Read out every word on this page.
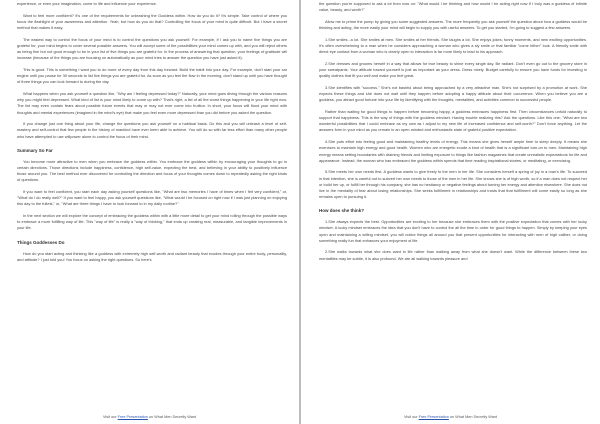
experience, or even your imagination, come to life and influence your experience.

Want to feel more confident? It's one of the requirements for unleashing the Goddess within. How do you do it? It's simple. Take control of where you focus the flashlight of your awareness and attention. Yeah, but how do you do that? Controlling the focus of your mind is quite difficult. But I have a secret method that makes it easy.

The easiest way to control the focus of your mind is to control the questions you ask yourself. For example, if I ask you to name five things you are grateful for, your mind begins to cover several possible answers. You will accept some of the possibilities your mind comes up with, and you will reject others as being fine but not good enough to be in your list of five things you are grateful for. In the process of answering that question, your feelings of gratitude will increase (because of the things you are focusing on automatically as your mind tries to answer the question you have just asked it).

This is good. This is something I want you to do more of every day from this day forward. Build the habit into your day. For example, don't start your car engine until you pause for 30 seconds to list five things you are grateful for. As soon as you feel the flow in the morning, don't stand up until you have thought of three things you can look forward to during the day.

What happens when you ask yourself a question like, "Why am I feeling depressed today?" Naturally, your mind goes diving through the various reasons why you might feel depressed. What kind of list is your mind likely to come up with? That's right, a list of all the worst things happening in your life right now. The list may even contain fears about possible future events that may or may not ever come into fruition. In short, your focus will flood your mind with thoughts and mental experiences (imagined in the mind's eye) that make you feel even more depressed than you did before you asked the question.

If you change just one thing about your life, change the questions you ask yourself on a habitual basis. Do this and you will unleash a level of self-mastery and self-control that few people in the history of mankind have ever been able to achieve. You will do so with far less effort than many other people who have attempted to use willpower alone to control the focus of their mind.

Summary So Far

You become more attractive to men when you embrace the goddess within. You embrace the goddess within by encouraging your thoughts to go in certain directions. Those directions include happiness, confidence, high self-value, expecting the best, and believing in your ability to positively influence those around you. The best method ever discovered for controlling the direction and focus of your thoughts comes down to repeatedly asking the right kinds of questions.

If you want to feel confident, you start each day asking yourself questions like, "What are two memories I have of times when I felt very confident," or, "What do I do really well?" If you want to feel happy, you ask yourself questions like, "What would I be focused on right now if I was just planning on enjoying this day to the fullest," or, "What are three things I have to look forward to in my daily routine?"

In the next section we will explore the concept of embracing the goddess within with a little more detail to get your mind rolling through the possible ways to embrace a more fulfilling way of life. This "way of life" is really a "way of thinking," that ends up creating real, measurable, and tangible improvements in your life.

Things Goddesses Do

How do you start acting and thinking like a goddess with extremely high self-worth and radiant beauty that exudes through your entire body, personality, and attitude? I just told you! You focus on asking the right questions. So here's

Visit our Free Presentation on What Men Secretly Want

the question you're supposed to ask a lot from now on: "What would I be thinking and how would I be acting right now if I truly was a goddess of infinite value, beauty, and worth?"

Allow me to prime the pump by giving you some suggested answers. The more frequently you ask yourself the question about how a goddess would be thinking and acting, the more easily your mind will begin to supply you with useful answers. To get you started, I'm going to suggest a few answers.

1.She smiles...a lot. She smiles at men. She smiles at her friends. She laughs a lot. She enjoys jokes, funny moments, and new exciting opportunities. It's often overwhelming to a man when he considers approaching a woman who gives a sly smile or that familiar "come hither" look. A friendly smile with direct eye contact from a woman who is clearly open to interaction is far more likely to lead to his approach.

2.She dresses and grooms herself in a way that allows for true beauty to shine every single day. Be radiant. Don't even go out to the grocery store in your sweatpants. Your attitude toward yourself is just as important as your dress. Dress nicely. Budget carefully to ensure you have funds for investing in quality clothes that fit you well and make you feel great.

3.She identifies with "success." She's not bashful about being approached by a very attractive man. She's not surprised by a promotion at work. She expects these things and she does not wait until they happen before adopting a happy attitude about their occurrence. When you believe you are a goddess, you attract good fortune into your life by identifying with the thoughts, mentalities, and activities common to successful people.

Rather than waiting for good things to happen before becoming happy, a goddess embraces happiness first. Then circumstances unfold naturally to support that happiness. This is the way of things with the goddess mindset. Having trouble realizing this? Ask the questions. Like this one: "What are two wonderful possibilities that I could embrace as my own as I adjust to my new life of increased confidence and self-worth?" Don't force anything. Let the answers form in your mind as you remain in an open-minded and enthusiastic state of grateful positive expectation.

4.She puts effort into feeling good and maintaining healthy levels of energy. This means she gives herself ample time to sleep deeply. It means she exercises to maintain high energy and good health. Women who are energetic exude a kind of health that is a significant turn-on to men. Maintaining high energy means setting boundaries with draining friends and limiting exposure to things like fashion magazines that create unrealistic expectations for life and appearance. Instead, the woman who has embraced the goddess within spends that time reading inspirational stories, or meditating, or exercising.

5.She meets her own needs first. A goddess wants to give freely to the men in her life. She considers herself a spring of joy in a man's life. To succeed in that intention, she is careful not to subvert her own needs to those of the men in her life. She knows she is of high worth, so if a man does not respect her or build her up, or fulfill her through his company, she has no hesitancy or negative feelings about turning her energy and attention elsewhere. She does not live in the mentality of fear about losing relationships. She seeks fulfillment in relationships and trusts that that fulfillment will come easily so long as she remains open to pursuing it.

How does she think?

1.She always expects the best. Opportunities are exciting to her because she embraces them with the positive expectation that comes with her lucky mindset. A lucky mindset embraces the idea that you don't have to control the all the time in order for good things to happen. Simply by keeping your eyes open and maintaining a willing mindset, you will notice things all around you that present opportunities for interacting with men of high caliber, or doing something really fun that enhances your enjoyment of life.

2.She walks towards what she does want in life rather than walking away from what she doesn't want. While the difference between these two mentalities may be subtle, it is also profound. We are all walking towards pleasure and

Visit our Free Presentation on What Men Secretly Want
